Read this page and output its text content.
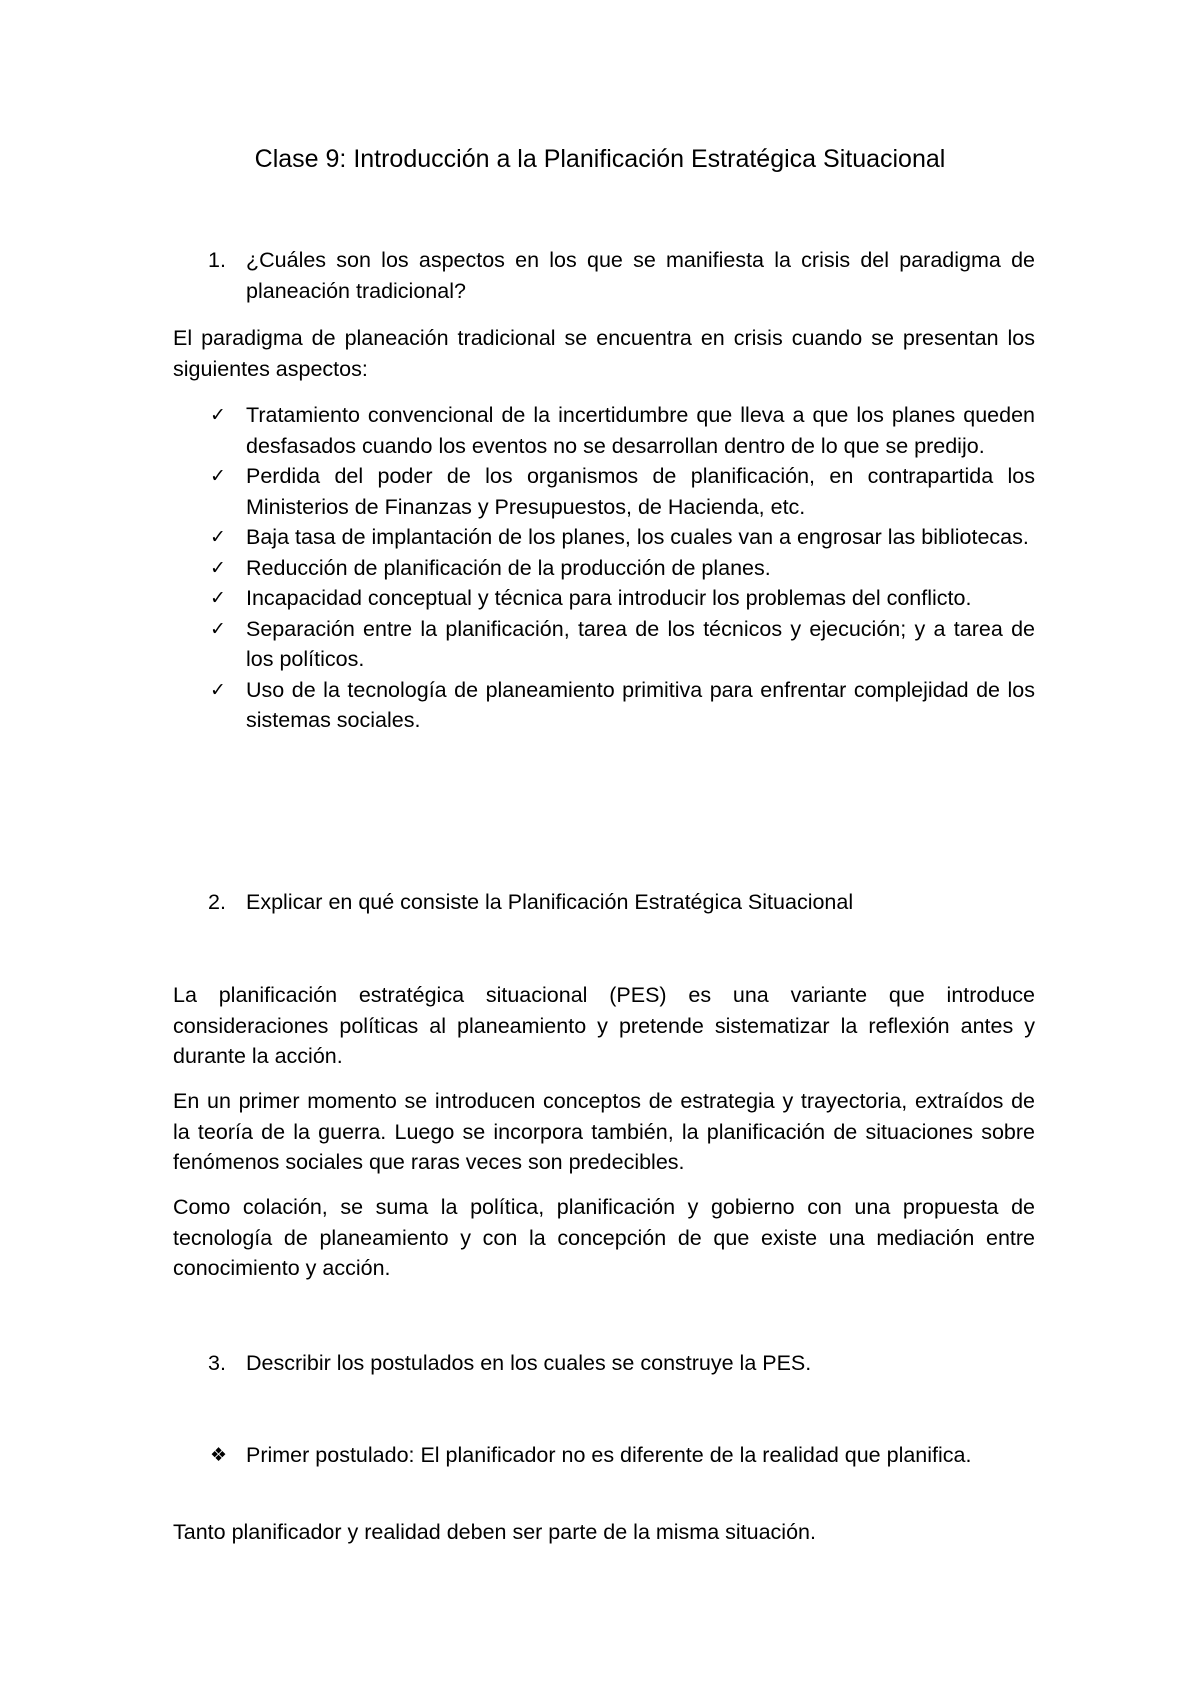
Clase 9: Introducción a la Planificación Estratégica Situacional
1. ¿Cuáles son los aspectos en los que se manifiesta la crisis del paradigma de planeación tradicional?

El paradigma de planeación tradicional se encuentra en crisis cuando se presentan los siguientes aspectos:

✓ Tratamiento convencional de la incertidumbre que lleva a que los planes queden desfasados cuando los eventos no se desarrollan dentro de lo que se predijo.
✓ Perdida del poder de los organismos de planificación, en contrapartida los Ministerios de Finanzas y Presupuestos, de Hacienda, etc.
✓ Baja tasa de implantación de los planes, los cuales van a engrosar las bibliotecas.
✓ Reducción de planificación de la producción de planes.
✓ Incapacidad conceptual y técnica para introducir los problemas del conflicto.
✓ Separación entre la planificación, tarea de los técnicos y ejecución; y a tarea de los políticos.
✓ Uso de la tecnología de planeamiento primitiva para enfrentar complejidad de los sistemas sociales.
2. Explicar en qué consiste la Planificación Estratégica Situacional

La planificación estratégica situacional (PES) es una variante que introduce consideraciones políticas al planeamiento y pretende sistematizar la reflexión antes y durante la acción.

En un primer momento se introducen conceptos de estrategia y trayectoria, extraídos de la teoría de la guerra. Luego se incorpora también, la planificación de situaciones sobre fenómenos sociales que raras veces son predecibles.

Como colación, se suma la política, planificación y gobierno con una propuesta de tecnología de planeamiento y con la concepción de que existe una mediación entre conocimiento y acción.

3. Describir los postulados en los cuales se construye la PES.
❖ Primer postulado: El planificador no es diferente de la realidad que planifica.

Tanto planificador y realidad deben ser parte de la misma situación.
